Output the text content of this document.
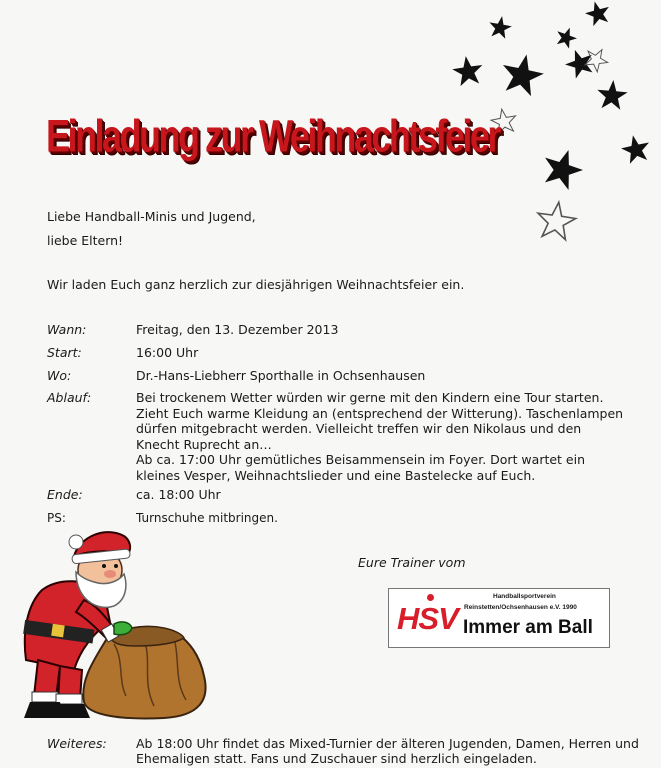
Einladung zur Weihnachtsfeier
Liebe Handball-Minis und Jugend,
liebe Eltern!
Wir laden Euch ganz herzlich zur diesjährigen Weihnachtsfeier ein.
Wann:	Freitag, den 13. Dezember 2013
Start:	16:00 Uhr
Wo:	Dr.-Hans-Liebherr Sporthalle in Ochsenhausen
Ablauf:	Bei trockenem Wetter würden wir gerne mit den Kindern eine Tour starten.
Zieht Euch warme Kleidung an (entsprechend der Witterung). Taschenlampen
dürfen mitgebracht werden. Vielleicht treffen wir den Nikolaus und den
Knecht Ruprecht an…
Ab ca. 17:00 Uhr gemütliches Beisammensein im Foyer. Dort wartet ein
kleines Vesper, Weihnachtslieder und eine Bastelecke auf Euch.
Ende:	ca. 18:00 Uhr
PS:	Turnschuhe mitbringen.
Eure Trainer vom
HSV
Handballsportverein
Reinstetten/Ochsenhausen e.V. 1990
Immer am Ball
Weiteres: Ab 18:00 Uhr findet das Mixed-Turnier der älteren Jugenden, Damen, Herren und
Ehemaligen statt. Fans und Zuschauer sind herzlich eingeladen.
